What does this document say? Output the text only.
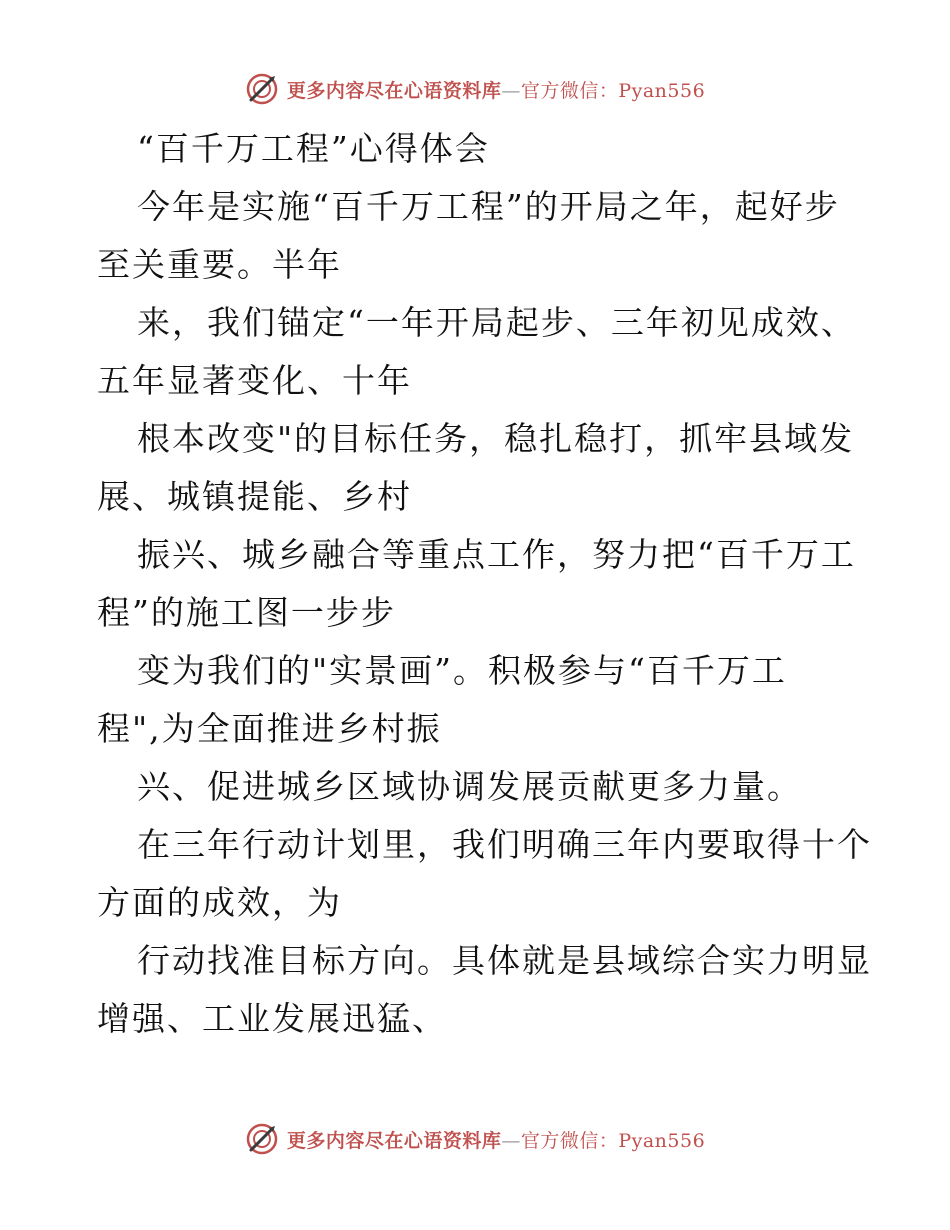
更多内容尽在心语资料库—官方微信：Pyan556
“百千万工程”心得体会
今年是实施“百千万工程”的开局之年，起好步
至关重要。半年
来，我们锚定“一年开局起步、三年初见成效、
五年显著变化、十年
根本改变"的目标任务，稳扎稳打，抓牢县域发
展、城镇提能、乡村
振兴、城乡融合等重点工作，努力把“百千万工
程”的施工图一步步
变为我们的"实景画”。积极参与“百千万工
程",为全面推进乡村振
兴、促进城乡区域协调发展贡献更多力量。
在三年行动计划里，我们明确三年内要取得十个
方面的成效，为
行动找准目标方向。具体就是县域综合实力明显
增强、工业发展迅猛、
更多内容尽在心语资料库—官方微信：Pyan556
